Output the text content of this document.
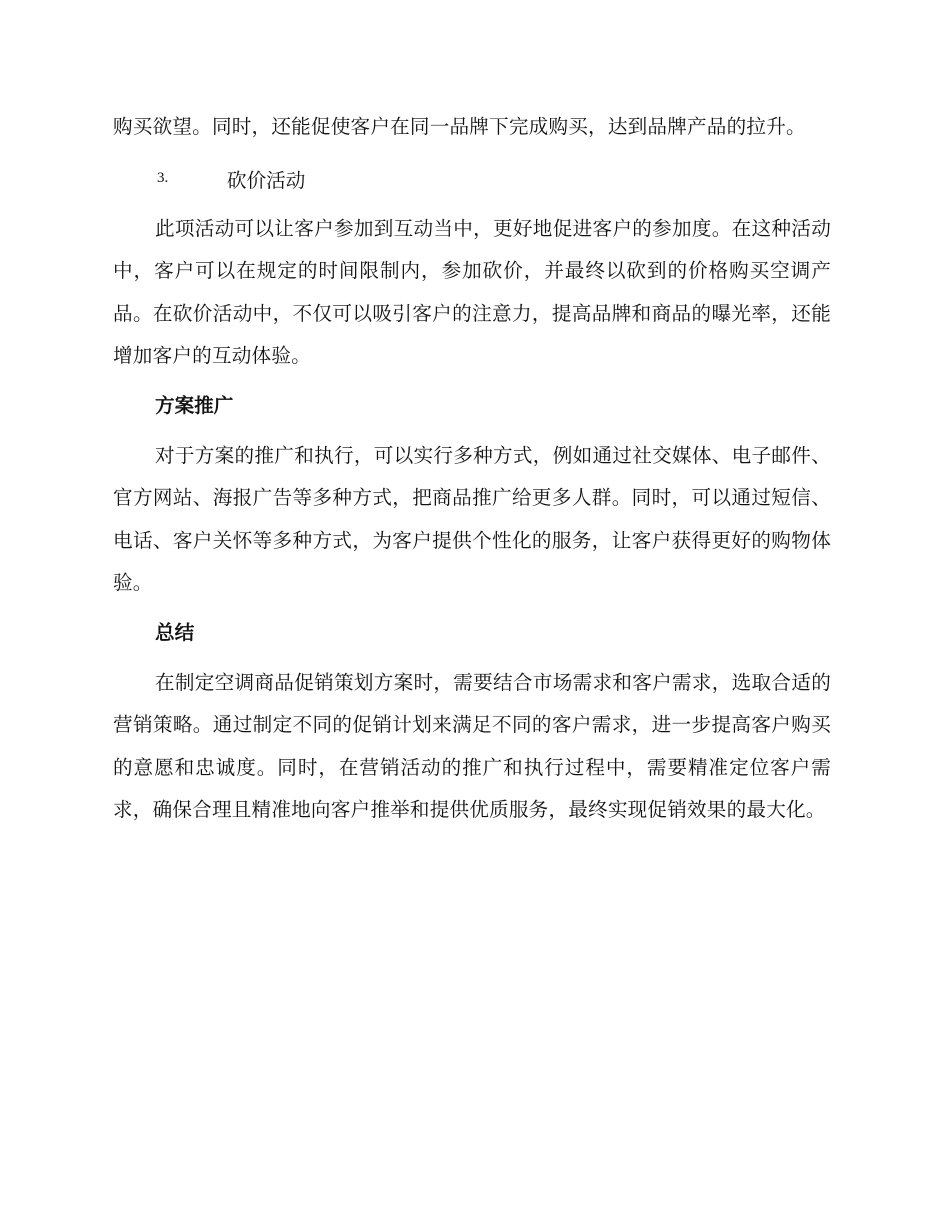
购买欲望。同时，还能促使客户在同一品牌下完成购买，达到品牌产品的拉升。

3.	砍价活动

此项活动可以让客户参加到互动当中，更好地促进客户的参加度。在这种活动中，客户可以在规定的时间限制内，参加砍价，并最终以砍到的价格购买空调产品。在砍价活动中，不仅可以吸引客户的注意力，提高品牌和商品的曝光率，还能增加客户的互动体验。

方案推广

对于方案的推广和执行，可以实行多种方式，例如通过社交媒体、电子邮件、官方网站、海报广告等多种方式，把商品推广给更多人群。同时，可以通过短信、电话、客户关怀等多种方式，为客户提供个性化的服务，让客户获得更好的购物体验。

总结

在制定空调商品促销策划方案时，需要结合市场需求和客户需求，选取合适的营销策略。通过制定不同的促销计划来满足不同的客户需求，进一步提高客户购买的意愿和忠诚度。同时，在营销活动的推广和执行过程中，需要精准定位客户需求，确保合理且精准地向客户推举和提供优质服务，最终实现促销效果的最大化。
